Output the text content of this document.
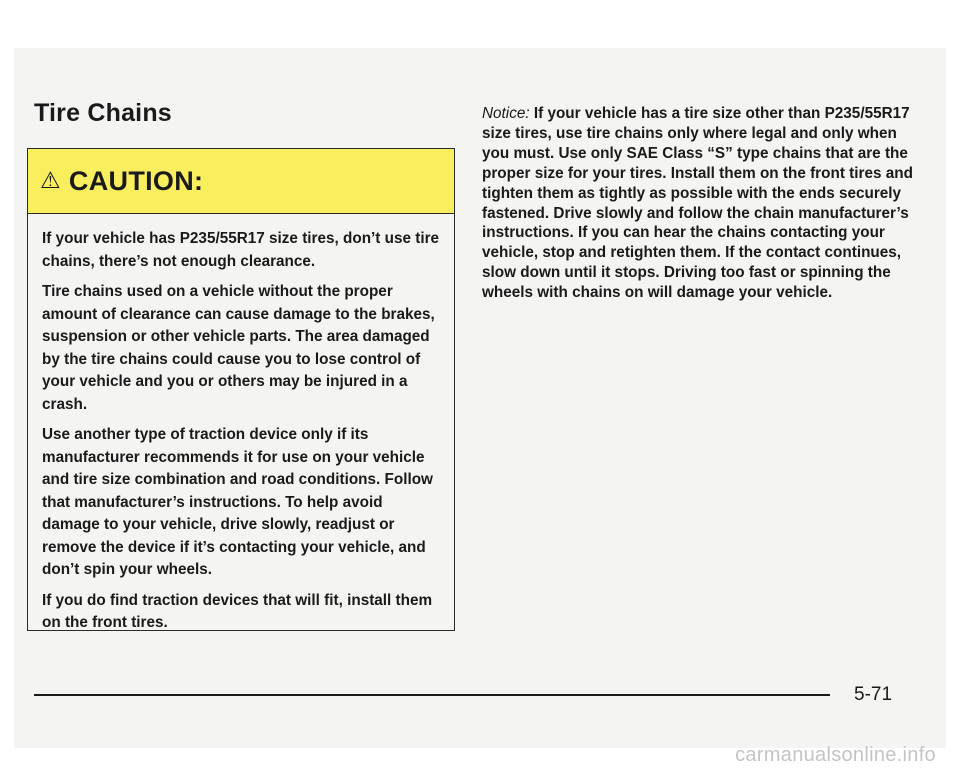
Tire Chains
⚠ CAUTION:

If your vehicle has P235/55R17 size tires, don’t use tire chains, there’s not enough clearance.

Tire chains used on a vehicle without the proper amount of clearance can cause damage to the brakes, suspension or other vehicle parts. The area damaged by the tire chains could cause you to lose control of your vehicle and you or others may be injured in a crash.

Use another type of traction device only if its manufacturer recommends it for use on your vehicle and tire size combination and road conditions. Follow that manufacturer’s instructions. To help avoid damage to your vehicle, drive slowly, readjust or remove the device if it’s contacting your vehicle, and don’t spin your wheels.

If you do find traction devices that will fit, install them on the front tires.

Notice: If your vehicle has a tire size other than P235/55R17 size tires, use tire chains only where legal and only when you must. Use only SAE Class “S” type chains that are the proper size for your tires. Install them on the front tires and tighten them as tightly as possible with the ends securely fastened. Drive slowly and follow the chain manufacturer’s instructions. If you can hear the chains contacting your vehicle, stop and retighten them. If the contact continues, slow down until it stops. Driving too fast or spinning the wheels with chains on will damage your vehicle.

5-71
carmanualsonline.info
